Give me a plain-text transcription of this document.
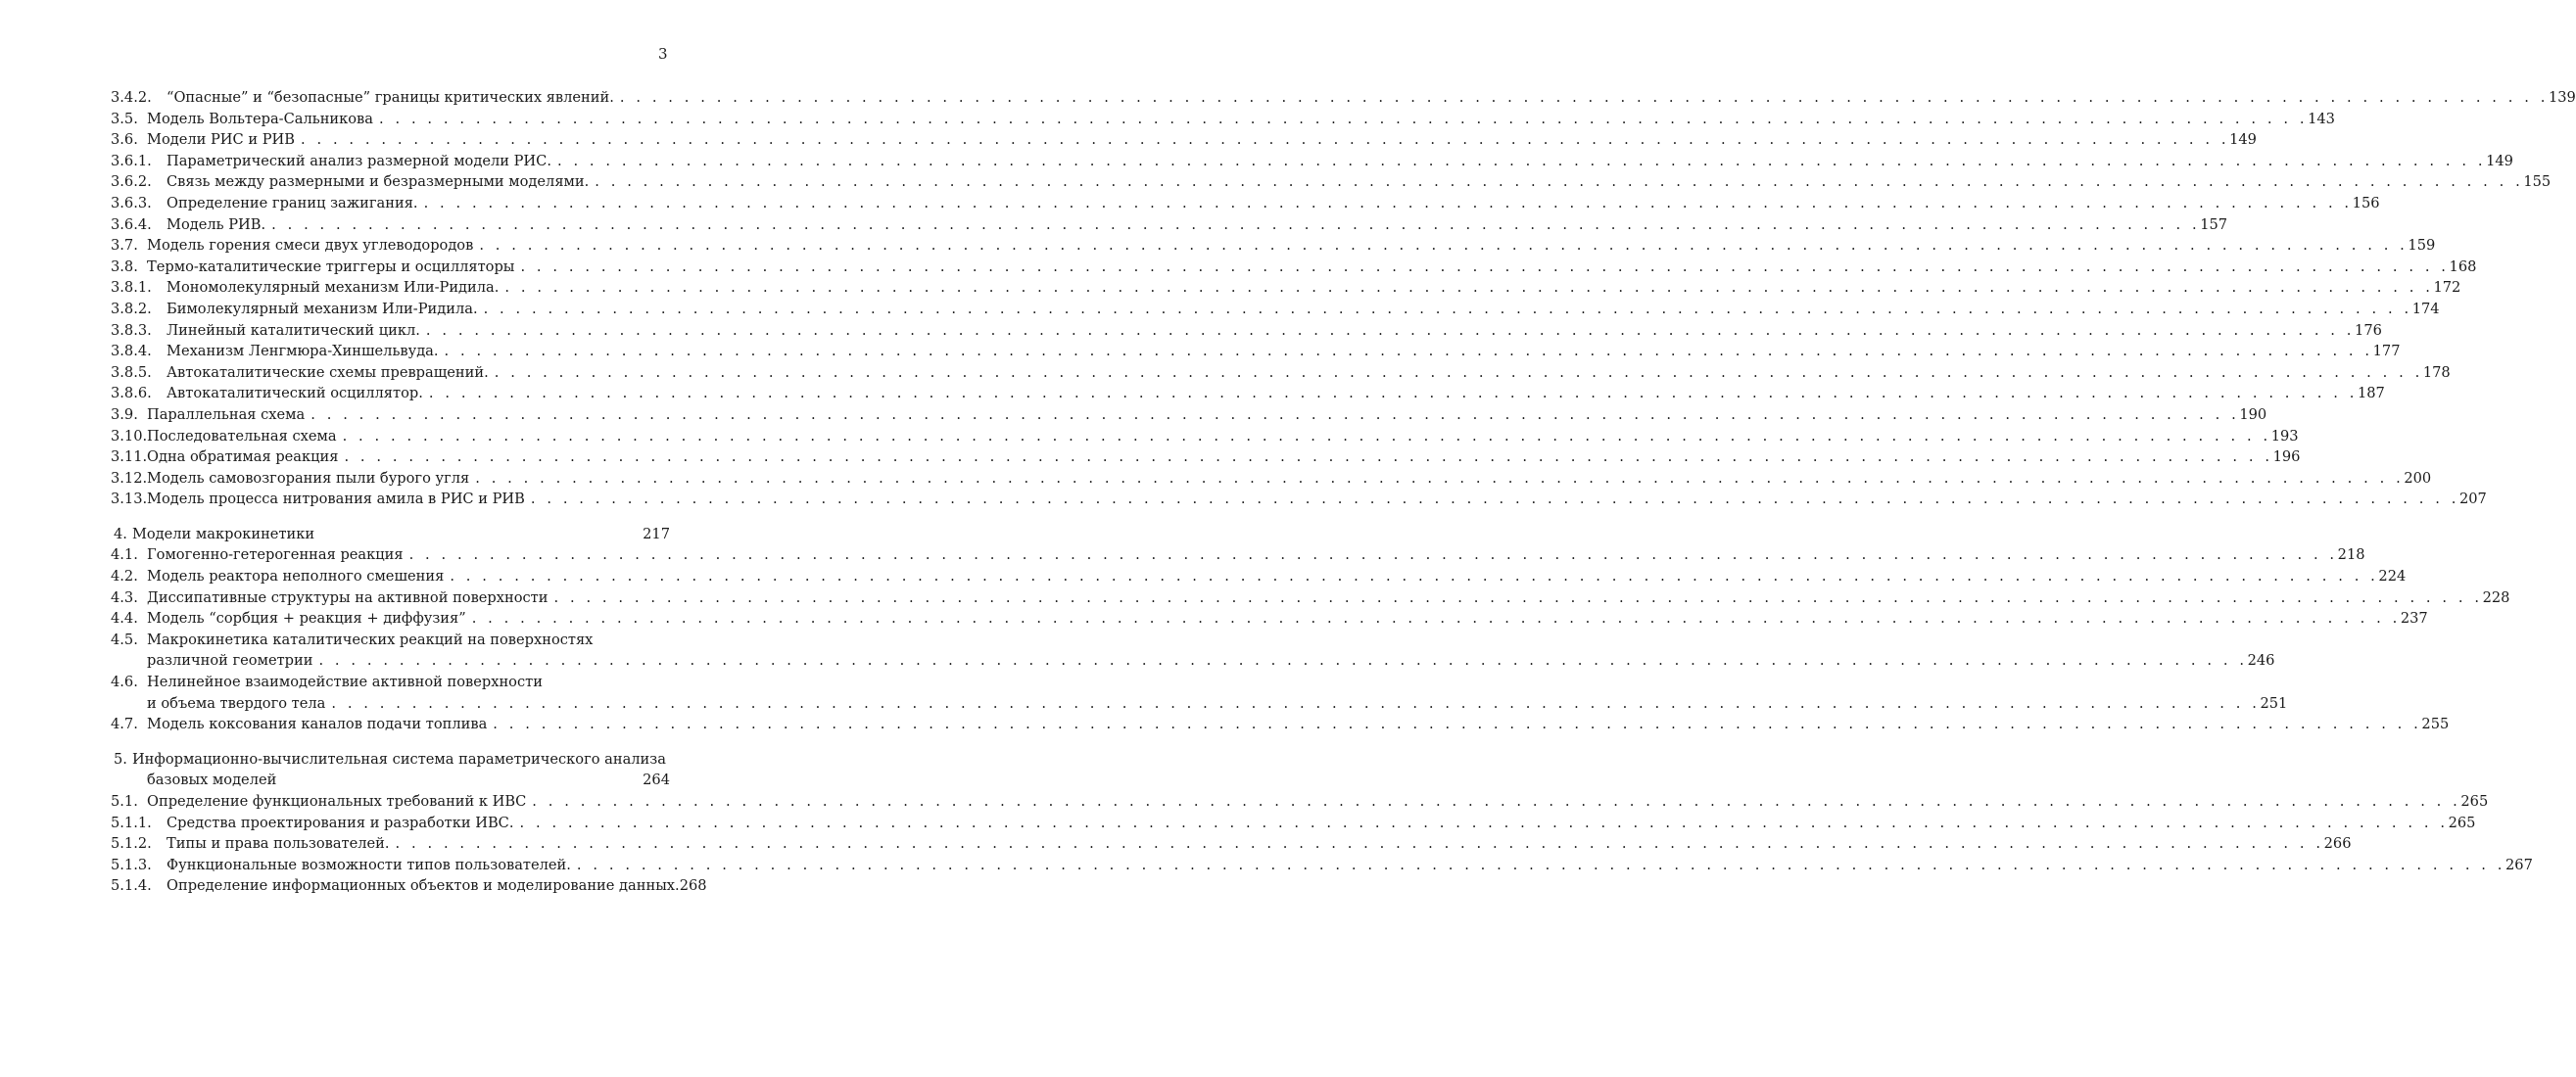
3
3.4.2.	“Опасные” и “безопасные” границы критических явлений. . . . . . . . . . . . . . . . . . . . . . . . . . . . . . . . . . . . . . . . . . . . . . . . . . . . . . . . . . . . . . . . . . . . . . . . . . . . . . . . . . . . . . . . . . . . . . . . . . . . . . . . . . . . . . . . . . . . . . . . . 139
3.5. Модель Вольтера-Сальникова . . . . . . . . . . . . . . . . . . . . . . . . . . . . . . . . . . . . . . . . . . . . . . . . . . . . . . . . . . . . . . . . . . . . . . . . . . . . . . . . . . . . . . . . . . . . . . . . . . . . . . . . . . . . . . . . . . . . . . . . 143
3.6. Модели РИС и РИВ . . . . . . . . . . . . . . . . . . . . . . . . . . . . . . . . . . . . . . . . . . . . . . . . . . . . . . . . . . . . . . . . . . . . . . . . . . . . . . . . . . . . . . . . . . . . . . . . . . . . . . . . . . . . . . . . . . . . . . . . 149
3.6.1.	Параметрический анализ размерной модели РИС. . . . . . . . . . . . . . . . . . . . . . . . . . . . . . . . . . . . . . . . . . . . . . . . . . . . . . . . . . . . . . . . . . . . . . . . . . . . . . . . . . . . . . . . . . . . . . . . . . . . . . . . . . . . . . . . . . . . . . . . . 149
3.6.2.	Связь между размерными и безразмерными моделями. . . . . . . . . . . . . . . . . . . . . . . . . . . . . . . . . . . . . . . . . . . . . . . . . . . . . . . . . . . . . . . . . . . . . . . . . . . . . . . . . . . . . . . . . . . . . . . . . . . . . . . . . . . . . . . . . . . . . . . . . 155
3.6.3.	Определение границ зажигания. . . . . . . . . . . . . . . . . . . . . . . . . . . . . . . . . . . . . . . . . . . . . . . . . . . . . . . . . . . . . . . . . . . . . . . . . . . . . . . . . . . . . . . . . . . . . . . . . . . . . . . . . . . . . . . . . . . . . . . . . 156
3.6.4.	Модель РИВ. . . . . . . . . . . . . . . . . . . . . . . . . . . . . . . . . . . . . . . . . . . . . . . . . . . . . . . . . . . . . . . . . . . . . . . . . . . . . . . . . . . . . . . . . . . . . . . . . . . . . . . . . . . . . . . . . . . . . . . . . 157
3.7. Модель горения смеси двух углеводородов . . . . . . . . . . . . . . . . . . . . . . . . . . . . . . . . . . . . . . . . . . . . . . . . . . . . . . . . . . . . . . . . . . . . . . . . . . . . . . . . . . . . . . . . . . . . . . . . . . . . . . . . . . . . . . . . . . . . . . . . 159
3.8. Термо-каталитические триггеры и осцилляторы . . . . . . . . . . . . . . . . . . . . . . . . . . . . . . . . . . . . . . . . . . . . . . . . . . . . . . . . . . . . . . . . . . . . . . . . . . . . . . . . . . . . . . . . . . . . . . . . . . . . . . . . . . . . . . . . . . . . . . . . 168
3.8.1.	Мономолекулярный механизм Или-Ридила. . . . . . . . . . . . . . . . . . . . . . . . . . . . . . . . . . . . . . . . . . . . . . . . . . . . . . . . . . . . . . . . . . . . . . . . . . . . . . . . . . . . . . . . . . . . . . . . . . . . . . . . . . . . . . . . . . . . . . . . . 172
3.8.2.	Бимолекулярный механизм Или-Ридила. . . . . . . . . . . . . . . . . . . . . . . . . . . . . . . . . . . . . . . . . . . . . . . . . . . . . . . . . . . . . . . . . . . . . . . . . . . . . . . . . . . . . . . . . . . . . . . . . . . . . . . . . . . . . . . . . . . . . . . . . 174
3.8.3.	Линейный каталитический цикл. . . . . . . . . . . . . . . . . . . . . . . . . . . . . . . . . . . . . . . . . . . . . . . . . . . . . . . . . . . . . . . . . . . . . . . . . . . . . . . . . . . . . . . . . . . . . . . . . . . . . . . . . . . . . . . . . . . . . . . . . 176
3.8.4.	Механизм Ленгмюра-Хиншельвуда. . . . . . . . . . . . . . . . . . . . . . . . . . . . . . . . . . . . . . . . . . . . . . . . . . . . . . . . . . . . . . . . . . . . . . . . . . . . . . . . . . . . . . . . . . . . . . . . . . . . . . . . . . . . . . . . . . . . . . . . . 177
3.8.5.	Автокаталитические схемы превращений. . . . . . . . . . . . . . . . . . . . . . . . . . . . . . . . . . . . . . . . . . . . . . . . . . . . . . . . . . . . . . . . . . . . . . . . . . . . . . . . . . . . . . . . . . . . . . . . . . . . . . . . . . . . . . . . . . . . . . . . . 178
3.8.6.	Автокаталитический осциллятор. . . . . . . . . . . . . . . . . . . . . . . . . . . . . . . . . . . . . . . . . . . . . . . . . . . . . . . . . . . . . . . . . . . . . . . . . . . . . . . . . . . . . . . . . . . . . . . . . . . . . . . . . . . . . . . . . . . . . . . . . 187
3.9. Параллельная схема . . . . . . . . . . . . . . . . . . . . . . . . . . . . . . . . . . . . . . . . . . . . . . . . . . . . . . . . . . . . . . . . . . . . . . . . . . . . . . . . . . . . . . . . . . . . . . . . . . . . . . . . . . . . . . . . . . . . . . . . 190
3.10. Последовательная схема . . . . . . . . . . . . . . . . . . . . . . . . . . . . . . . . . . . . . . . . . . . . . . . . . . . . . . . . . . . . . . . . . . . . . . . . . . . . . . . . . . . . . . . . . . . . . . . . . . . . . . . . . . . . . . . . . . . . . . . . 193
3.11. Одна обратимая реакция . . . . . . . . . . . . . . . . . . . . . . . . . . . . . . . . . . . . . . . . . . . . . . . . . . . . . . . . . . . . . . . . . . . . . . . . . . . . . . . . . . . . . . . . . . . . . . . . . . . . . . . . . . . . . . . . . . . . . . . . 196
3.12. Модель самовозгорания пыли бурого угля . . . . . . . . . . . . . . . . . . . . . . . . . . . . . . . . . . . . . . . . . . . . . . . . . . . . . . . . . . . . . . . . . . . . . . . . . . . . . . . . . . . . . . . . . . . . . . . . . . . . . . . . . . . . . . . . . . . . . . . . 200
3.13. Модель процесса нитрования амила в РИС и РИВ . . . . . . . . . . . . . . . . . . . . . . . . . . . . . . . . . . . . . . . . . . . . . . . . . . . . . . . . . . . . . . . . . . . . . . . . . . . . . . . . . . . . . . . . . . . . . . . . . . . . . . . . . . . . . . . . . . . . . . . . 207
4. Модели макрокинетики	217
4.1. Гомогенно-гетерогенная реакция . . . . . . . . . . . . . . . . . . . . . . . . . . . . . . . . . . . . . . . . . . . . . . . . . . . . . . . . . . . . . . . . . . . . . . . . . . . . . . . . . . . . . . . . . . . . . . . . . . . . . . . . . . . . . . . . . . . . . . . . 218
4.2. Модель реактора неполного смешения . . . . . . . . . . . . . . . . . . . . . . . . . . . . . . . . . . . . . . . . . . . . . . . . . . . . . . . . . . . . . . . . . . . . . . . . . . . . . . . . . . . . . . . . . . . . . . . . . . . . . . . . . . . . . . . . . . . . . . . . 224
4.3. Диссипативные структуры на активной поверхности . . . . . . . . . . . . . . . . . . . . . . . . . . . . . . . . . . . . . . . . . . . . . . . . . . . . . . . . . . . . . . . . . . . . . . . . . . . . . . . . . . . . . . . . . . . . . . . . . . . . . . . . . . . . . . . . . . . . . . . . 228
4.4. Модель “сорбция + реакция + диффузия” . . . . . . . . . . . . . . . . . . . . . . . . . . . . . . . . . . . . . . . . . . . . . . . . . . . . . . . . . . . . . . . . . . . . . . . . . . . . . . . . . . . . . . . . . . . . . . . . . . . . . . . . . . . . . . . . . . . . . . . . 237
4.5. Макрокинетика каталитических реакций на поверхностях
различной геометрии . . . . . . . . . . . . . . . . . . . . . . . . . . . . . . . . . . . . . . . . . . . . . . . . . . . . . . . . . . . . . . . . . . . . . . . . . . . . . . . . . . . . . . . . . . . . . . . . . . . . . . . . . . . . . . . . . . . . . . . . 246
4.6. Нелинейное взаимодействие активной поверхности
и объема твердого тела . . . . . . . . . . . . . . . . . . . . . . . . . . . . . . . . . . . . . . . . . . . . . . . . . . . . . . . . . . . . . . . . . . . . . . . . . . . . . . . . . . . . . . . . . . . . . . . . . . . . . . . . . . . . . . . . . . . . . . . . 251
4.7. Модель коксования каналов подачи топлива . . . . . . . . . . . . . . . . . . . . . . . . . . . . . . . . . . . . . . . . . . . . . . . . . . . . . . . . . . . . . . . . . . . . . . . . . . . . . . . . . . . . . . . . . . . . . . . . . . . . . . . . . . . . . . . . . . . . . . . . 255
5. Информационно-вычислительная система параметрического анализа
базовых моделей	264
5.1. Определение функциональных требований к ИВС . . . . . . . . . . . . . . . . . . . . . . . . . . . . . . . . . . . . . . . . . . . . . . . . . . . . . . . . . . . . . . . . . . . . . . . . . . . . . . . . . . . . . . . . . . . . . . . . . . . . . . . . . . . . . . . . . . . . . . . . 265
5.1.1.	Средства проектирования и разработки ИВС. . . . . . . . . . . . . . . . . . . . . . . . . . . . . . . . . . . . . . . . . . . . . . . . . . . . . . . . . . . . . . . . . . . . . . . . . . . . . . . . . . . . . . . . . . . . . . . . . . . . . . . . . . . . . . . . . . . . . . . . . 265
5.1.2.	Типы и права пользователей. . . . . . . . . . . . . . . . . . . . . . . . . . . . . . . . . . . . . . . . . . . . . . . . . . . . . . . . . . . . . . . . . . . . . . . . . . . . . . . . . . . . . . . . . . . . . . . . . . . . . . . . . . . . . . . . . . . . . . . . . 266
5.1.3.	Функциональные возможности типов пользователей. . . . . . . . . . . . . . . . . . . . . . . . . . . . . . . . . . . . . . . . . . . . . . . . . . . . . . . . . . . . . . . . . . . . . . . . . . . . . . . . . . . . . . . . . . . . . . . . . . . . . . . . . . . . . . . . . . . . . . . . . 267
5.1.4.	Определение информационных объектов и моделирование данных. 268
